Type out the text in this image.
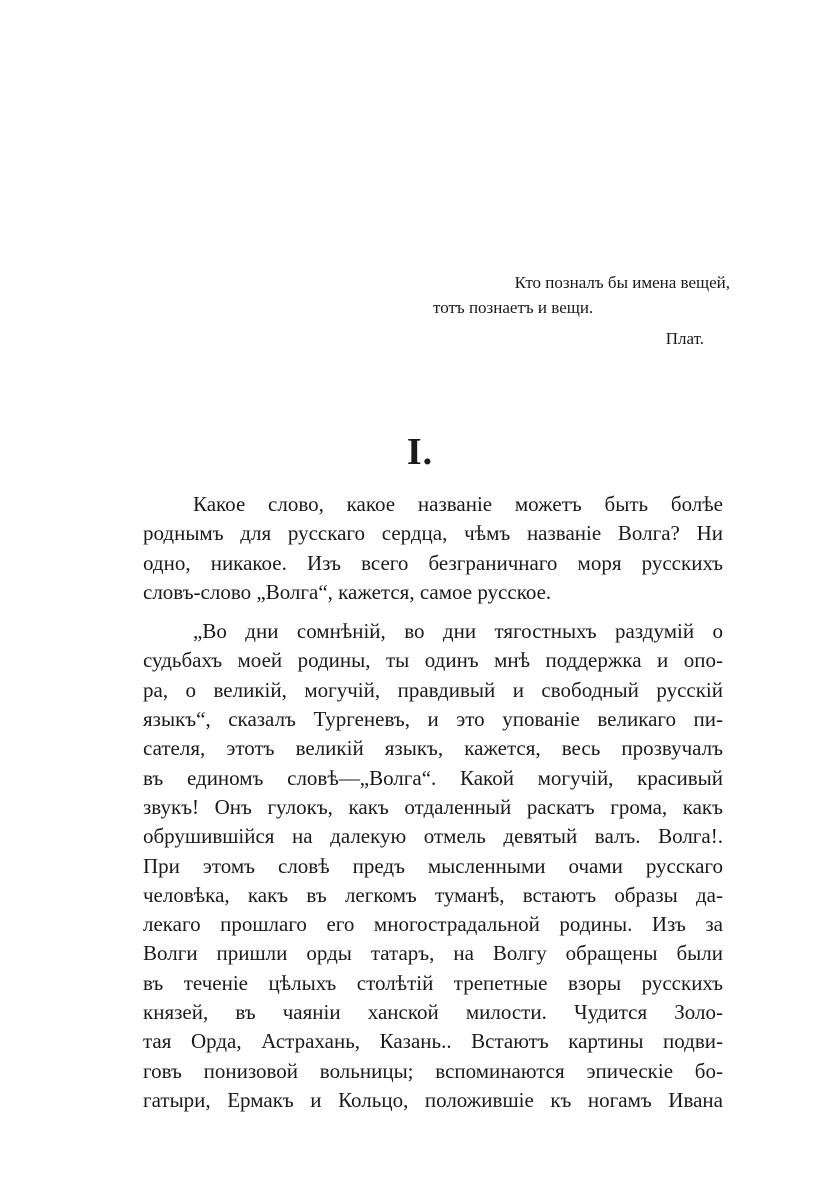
Кто позналъ бы имена вещей,
тотъ познаетъ и вещи.
Плат.
I.

Какое слово, какое названіе можетъ быть болѣе
роднымъ для русскаго сердца, чѣмъ названіе Волга? Ни
одно, никакое. Изъ всего безграничнаго моря русскихъ
словъ-слово „Волга“, кажется, самое русское.

„Во дни сомнѣній, во дни тягостныхъ раздумій о
судьбахъ моей родины, ты одинъ мнѣ поддержка и опо-
ра, о великій, могучій, правдивый и свободный русскій
языкъ“, сказалъ Тургеневъ, и это упованіе великаго пи-
сателя, этотъ великій языкъ, кажется, весь прозвучалъ
въ единомъ словѣ—„Волга“. Какой могучій, красивый
звукъ! Онъ гулокъ, какъ отдаленный раскатъ грома, какъ
обрушившійся на далекую отмель девятый валъ. Волга!.
При этомъ словѣ предъ мысленными очами русскаго
человѣка, какъ въ легкомъ туманѣ, встаютъ образы да-
лекаго прошлаго его многострадальной родины. Изъ за
Волги пришли орды татаръ, на Волгу обращены были
въ теченіе цѣлыхъ столѣтій трепетные взоры русскихъ
князей, въ чаяніи ханской милости. Чудится Золо-
тая Орда, Астрахань, Казань.. Встаютъ картины подви-
говъ понизовой вольницы; вспоминаются эпическіе бо-
гатыри, Ермакъ и Кольцо, положившіе къ ногамъ Ивана
